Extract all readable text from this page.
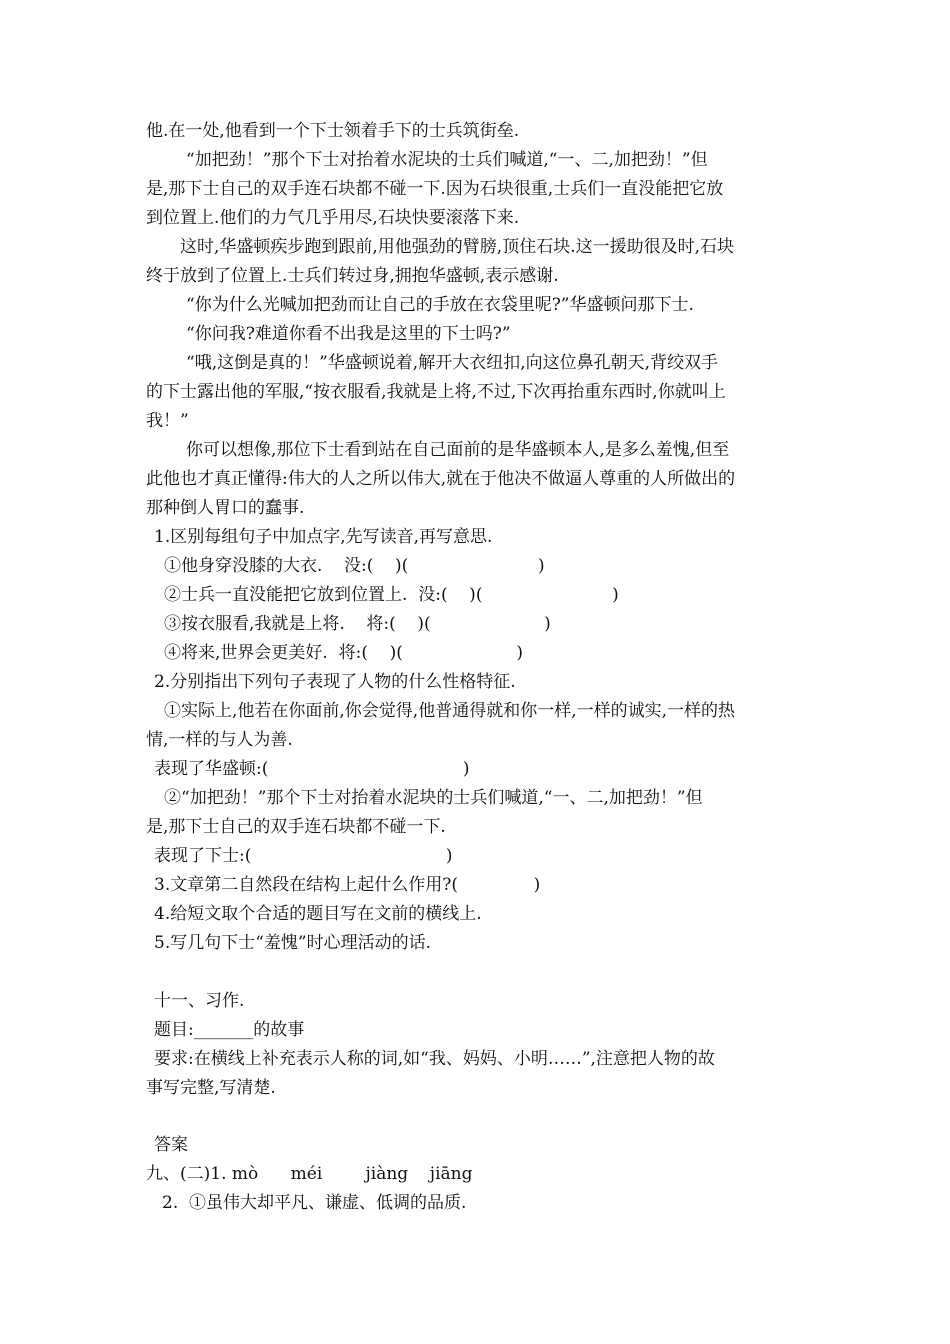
他.在一处,他看到一个下士领着手下的士兵筑街垒.
“加把劲！”那个下士对抬着水泥块的士兵们喊道,“一、二,加把劲！”但
是,那下士自己的双手连石块都不碰一下.因为石块很重,士兵们一直没能把它放
到位置上.他们的力气几乎用尽,石块快要滚落下来.
这时,华盛顿疾步跑到跟前,用他强劲的臂膀,顶住石块.这一援助很及时,石块
终于放到了位置上.士兵们转过身,拥抱华盛顿,表示感谢.
“你为什么光喊加把劲而让自己的手放在衣袋里呢?”华盛顿问那下士.
“你问我?难道你看不出我是这里的下士吗?”
“哦,这倒是真的！”华盛顿说着,解开大衣纽扣,向这位鼻孔朝天,背绞双手
的下士露出他的军服,“按衣服看,我就是上将,不过,下次再抬重东西时,你就叫上
我！”
你可以想像,那位下士看到站在自己面前的是华盛顿本人,是多么羞愧,但至
此他也才真正懂得:伟大的人之所以伟大,就在于他决不做逼人尊重的人所做出的
那种倒人胃口的蠢事.
1.区别每组句子中加点字,先写读音,再写意思.
①他身穿没膝的大衣.    没:(    )(                        )
②士兵一直没能把它放到位置上.  没:(    )(                        )
③按衣服看,我就是上将.    将:(    )(                     )
④将来,世界会更美好.  将:(    )(                     )
2.分别指出下列句子表现了人物的什么性格特征.
①实际上,他若在你面前,你会觉得,他普通得就和你一样,一样的诚实,一样的热
情,一样的与人为善.
表现了华盛顿:(                                    )
②“加把劲！”那个下士对抬着水泥块的士兵们喊道,“一、二,加把劲！”但
是,那下士自己的双手连石块都不碰一下.
表现了下士:(                                    )
3.文章第二自然段在结构上起什么作用?(              )
4.给短文取个合适的题目写在文前的横线上.
5.写几句下士“羞愧”时心理活动的话.
十一、习作.
题目:_______的故事
要求:在横线上补充表示人称的词,如“我、妈妈、小明……”,注意把人物的故
事写完整,写清楚.
答案
九、(二)1. mò      méi        jiàng    jiāng
2.  ①虽伟大却平凡、谦虚、低调的品质.
